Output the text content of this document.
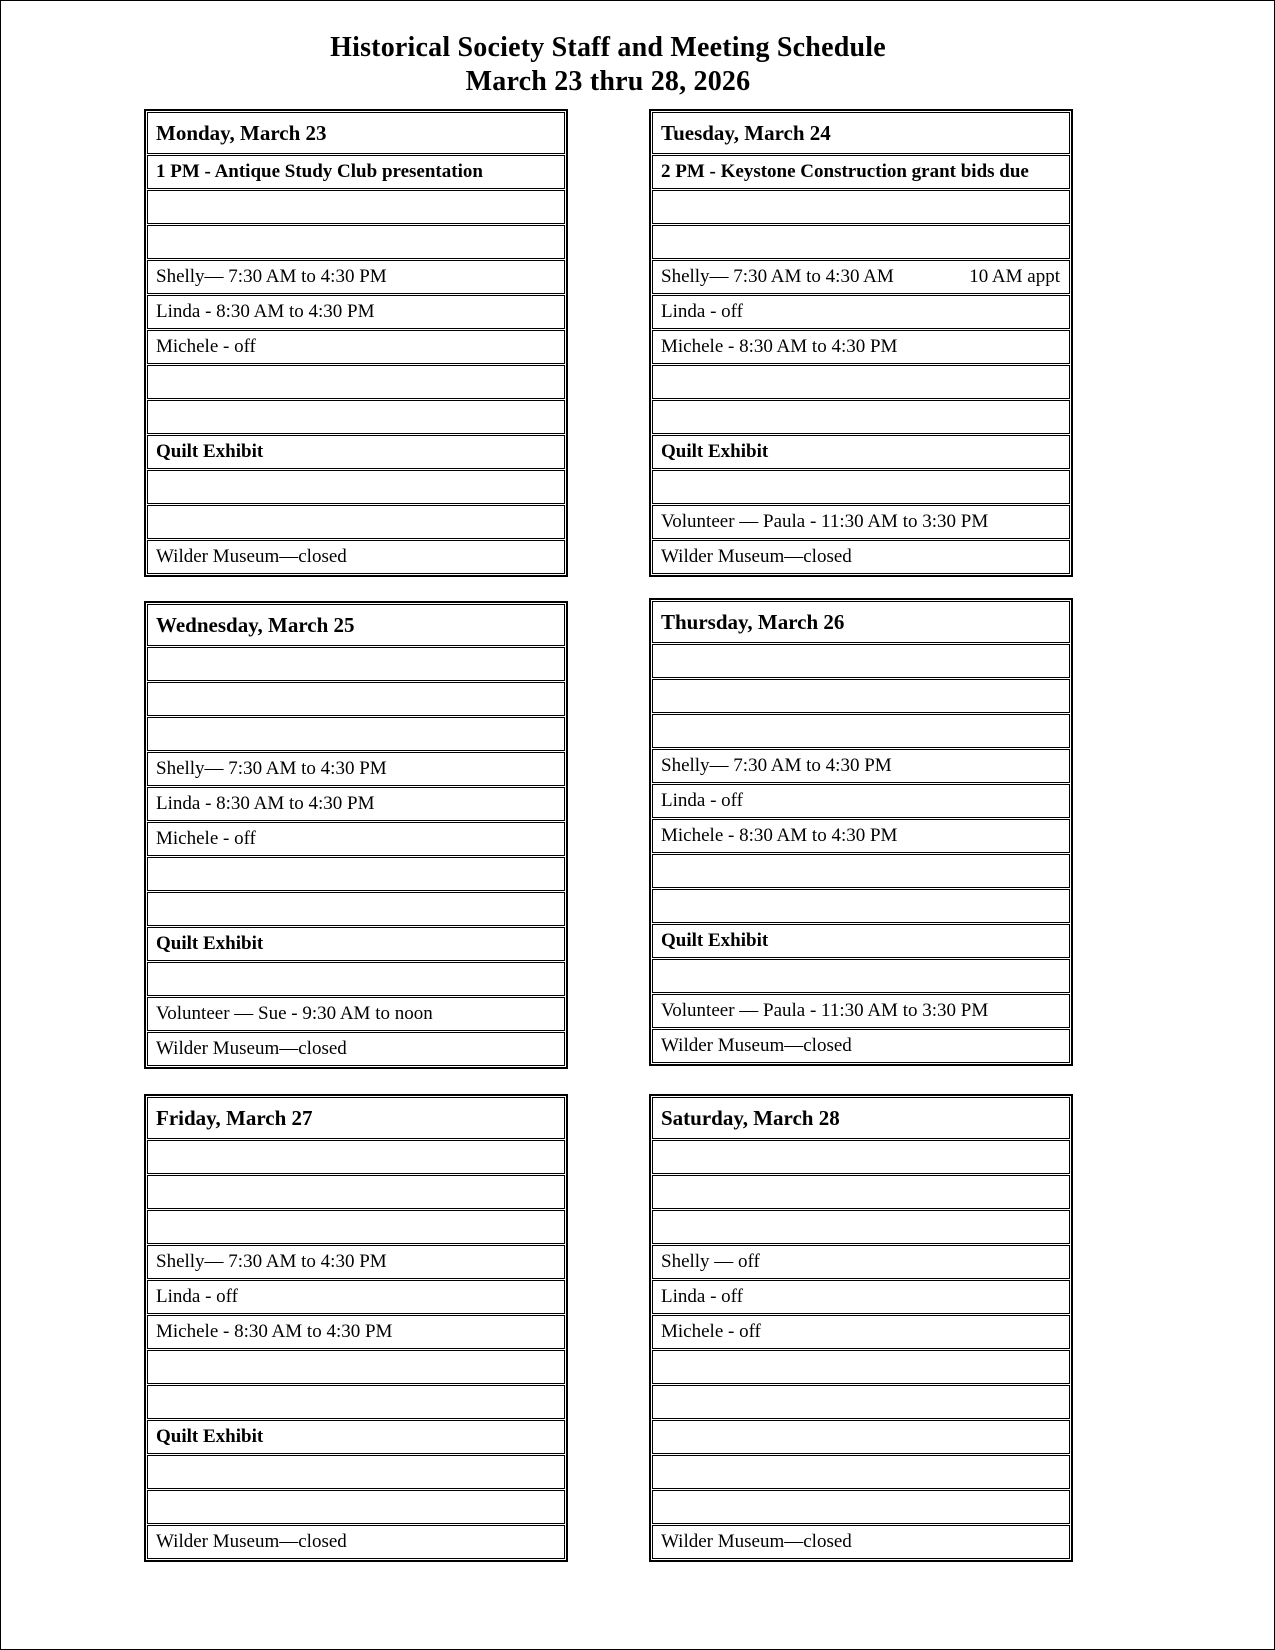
Historical Society Staff and Meeting Schedule
March 23 thru 28, 2026
Monday, March 23
1 PM - Antique Study Club presentation
Shelly— 7:30 AM to 4:30 PM
Linda - 8:30 AM to 4:30 PM
Michele - off
Quilt Exhibit
Wilder Museum—closed
Tuesday, March 24
2 PM - Keystone Construction grant bids due
Shelly— 7:30 AM to 4:30 AM	10 AM appt
Linda - off
Michele - 8:30 AM to 4:30 PM
Quilt Exhibit
Volunteer — Paula - 11:30 AM to 3:30 PM
Wilder Museum—closed
Wednesday, March 25
Shelly— 7:30 AM to 4:30 PM
Linda - 8:30 AM to 4:30 PM
Michele - off
Quilt Exhibit
Volunteer — Sue - 9:30 AM to noon
Wilder Museum—closed
Thursday, March 26
Shelly— 7:30 AM to 4:30 PM
Linda - off
Michele - 8:30 AM to 4:30 PM
Quilt Exhibit
Volunteer — Paula - 11:30 AM to 3:30 PM
Wilder Museum—closed
Friday, March 27
Shelly— 7:30 AM to 4:30 PM
Linda - off
Michele - 8:30 AM to 4:30 PM
Quilt Exhibit
Wilder Museum—closed
Saturday, March 28
Shelly — off
Linda - off
Michele - off
Wilder Museum—closed
